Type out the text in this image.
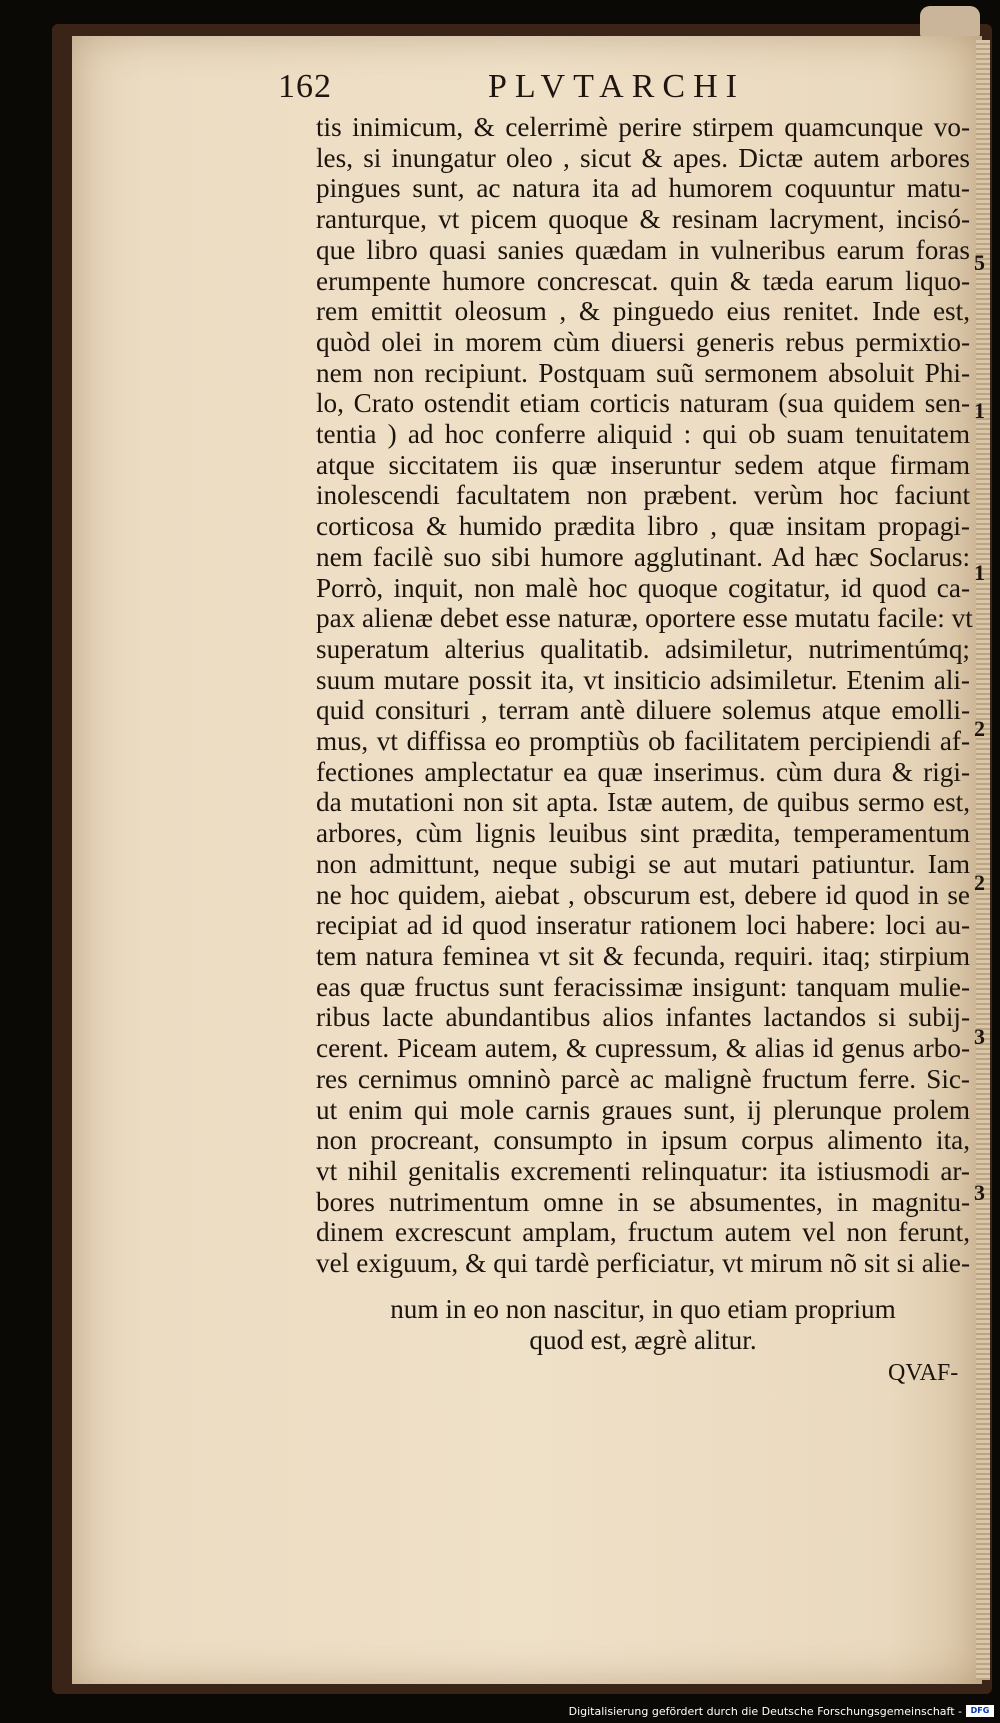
162	PLVTARCHI
tis inimicum, & celerrimè perire stirpem quamcunque vo-
les, si inungatur oleo , sicut & apes. Dictæ autem arbores
pingues sunt, ac natura ita ad humorem coquuntur matu-
ranturque, vt picem quoque & resinam lacryment, incisó-
que libro quasi sanies quædam in vulneribus earum foras
erumpente humore concrescat. quin & tæda earum liquo-
rem emittit oleosum , & pinguedo eius renitet. Inde est,
quòd olei in morem cùm diuersi generis rebus permixtio-
nem non recipiunt. Postquam suũ sermonem absoluit Phi-
lo, Crato ostendit etiam corticis naturam (sua quidem sen-
tentia ) ad hoc conferre aliquid : qui ob suam tenuitatem
atque siccitatem iis quæ inseruntur sedem atque firmam
inolescendi facultatem non præbent. verùm hoc faciunt
corticosa & humido prædita libro , quæ insitam propagi-
nem facilè suo sibi humore agglutinant. Ad hæc Soclarus:
Porrò, inquit, non malè hoc quoque cogitatur, id quod ca-
pax alienæ debet esse naturæ, oportere esse mutatu facile: vt
superatum alterius qualitatib. adsimiletur, nutrimentúmq;
suum mutare possit ita, vt insiticio adsimiletur. Etenim ali-
quid consituri , terram antè diluere solemus atque emolli-
mus, vt diffissa eo promptiùs ob facilitatem percipiendi af-
fectiones amplectatur ea quæ inserimus. cùm dura & rigi-
da mutationi non sit apta. Istæ autem, de quibus sermo est,
arbores, cùm lignis leuibus sint prædita, temperamentum
non admittunt, neque subigi se aut mutari patiuntur. Iam
ne hoc quidem, aiebat , obscurum est, debere id quod in se
recipiat ad id quod inseratur rationem loci habere: loci au-
tem natura feminea vt sit & fecunda, requiri. itaq; stirpium
eas quæ fructus sunt feracissimæ insigunt: tanquam mulie-
ribus lacte abundantibus alios infantes lactandos si subij-
cerent. Piceam autem, & cupressum, & alias id genus arbo-
res cernimus omninò parcè ac malignè fructum ferre. Sic-
ut enim qui mole carnis graues sunt, ij plerunque prolem
non procreant, consumpto in ipsum corpus alimento ita,
vt nihil genitalis excrementi relinquatur: ita istiusmodi ar-
bores nutrimentum omne in se absumentes, in magnitu-
dinem excrescunt amplam, fructum autem vel non ferunt,
vel exiguum, & qui tardè perficiatur, vt mirum nõ sit si alie-
num in eo non nascitur, in quo etiam proprium
quod est, ægrè alitur.
QVAF-
5
1
1
2
2
3
3
Digitalisierung gefördert durch die Deutsche Forschungsgemeinschaft -	DFG
